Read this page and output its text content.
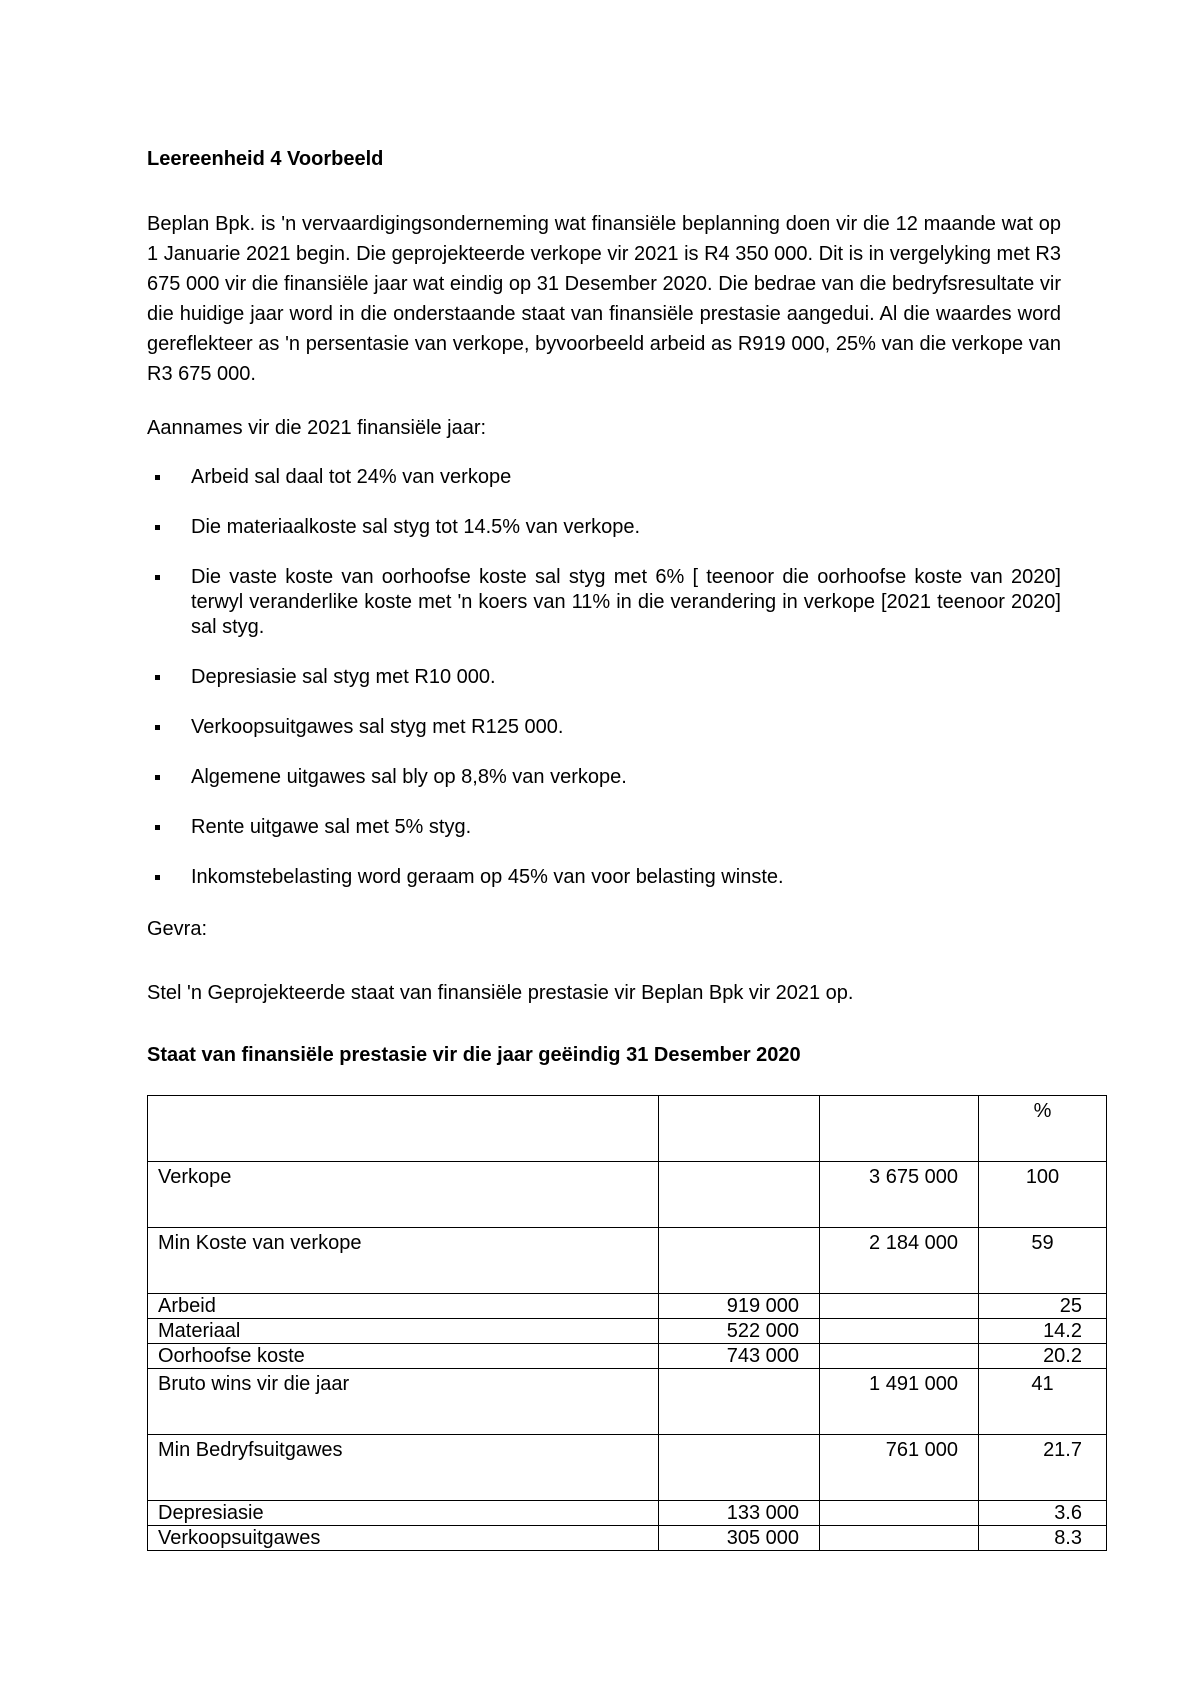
Leereenheid 4 Voorbeeld
Beplan Bpk. is 'n vervaardigingsonderneming wat finansiële beplanning doen vir die 12 maande wat op 1 Januarie 2021 begin. Die geprojekteerde verkope vir 2021 is R4 350 000. Dit is in vergelyking met R3 675 000 vir die finansiële jaar wat eindig op 31 Desember 2020. Die bedrae van die bedryfsresultate vir die huidige jaar word in die onderstaande staat van finansiële prestasie aangedui. Al die waardes word gereflekteer as 'n persentasie van verkope, byvoorbeeld arbeid as R919 000, 25% van die verkope van R3 675 000.
Aannames vir die 2021 finansiële jaar:
Arbeid sal daal tot 24% van verkope
Die materiaalkoste sal styg tot 14.5% van verkope.
Die vaste koste van oorhoofse koste sal styg met 6% [ teenoor die oorhoofse koste van 2020] terwyl veranderlike koste met 'n koers van 11% in die verandering in verkope [2021 teenoor 2020] sal styg.
Depresiasie sal styg met R10 000.
Verkoopsuitgawes sal styg met R125 000.
Algemene uitgawes sal bly op 8,8% van verkope.
Rente uitgawe sal met 5% styg.
Inkomstebelasting word geraam op 45% van voor belasting winste.
Gevra:
Stel 'n Geprojekteerde staat van finansiële prestasie vir Beplan Bpk vir 2021 op.
Staat van finansiële prestasie vir die jaar geëindig 31 Desember 2020
			%
Verkope		3 675 000	100
Min Koste van verkope		2 184 000	59
Arbeid	919 000		25
Materiaal	522 000		14.2
Oorhoofse koste	743 000		20.2
Bruto wins vir die jaar		1 491 000	41
Min Bedryfsuitgawes		761 000	21.7
Depresiasie	133 000		3.6
Verkoopsuitgawes	305 000		8.3
